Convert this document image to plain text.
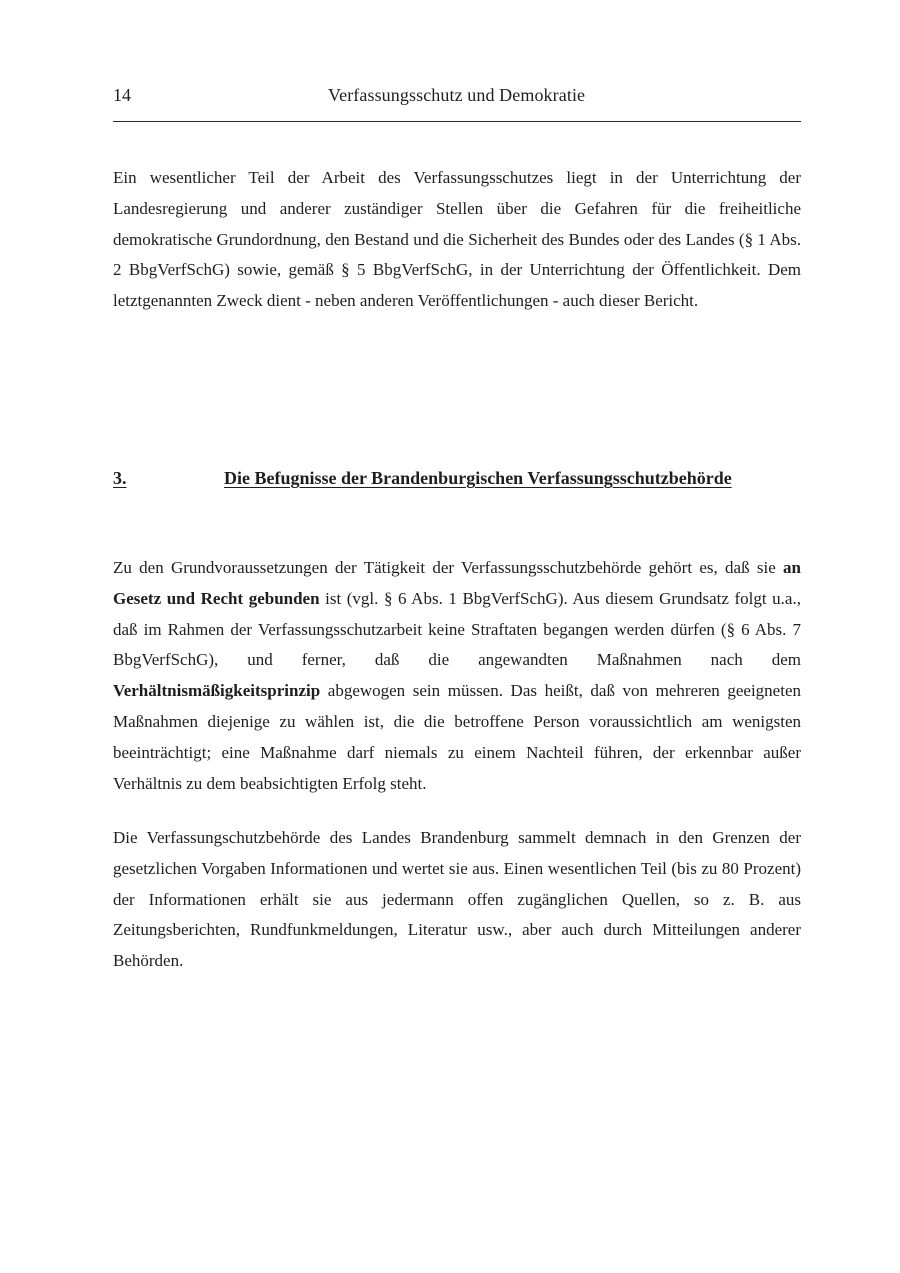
14	Verfassungsschutz und Demokratie

Ein wesentlicher Teil der Arbeit des Verfassungsschutzes liegt in der Unterrichtung der Landesregierung und anderer zuständiger Stellen über die Gefahren für die freiheitliche demokratische Grundordnung, den Bestand und die Sicherheit des Bundes oder des Landes (§ 1 Abs. 2 BbgVerfSchG) sowie, gemäß § 5 BbgVerfSchG, in der Unterrichtung der Öffentlichkeit. Dem letztgenannten Zweck dient - neben anderen Veröffentlichungen - auch dieser Bericht.

3.	Die Befugnisse der Brandenburgischen Verfassungsschutzbehörde

Zu den Grundvoraussetzungen der Tätigkeit der Verfassungsschutzbehörde gehört es, daß sie an Gesetz und Recht gebunden ist (vgl. § 6 Abs. 1 BbgVerfSchG). Aus diesem Grundsatz folgt u.a., daß im Rahmen der Verfassungsschutzarbeit keine Straftaten begangen werden dürfen (§ 6 Abs. 7 BbgVerfSchG), und ferner, daß die angewandten Maßnahmen nach dem Verhältnismäßigkeitsprinzip abgewogen sein müssen. Das heißt, daß von mehreren geeigneten Maßnahmen diejenige zu wählen ist, die die betroffene Person voraussichtlich am wenigsten beeinträchtigt; eine Maßnahme darf niemals zu einem Nachteil führen, der erkennbar außer Verhältnis zu dem beabsichtigten Erfolg steht.

Die Verfassungschutzbehörde des Landes Brandenburg sammelt demnach in den Grenzen der gesetzlichen Vorgaben Informationen und wertet sie aus. Einen wesentlichen Teil (bis zu 80 Prozent) der Informationen erhält sie aus jedermann offen zugänglichen Quellen, so z. B. aus Zeitungsberichten, Rundfunkmeldungen, Literatur usw., aber auch durch Mitteilungen anderer Behörden.
